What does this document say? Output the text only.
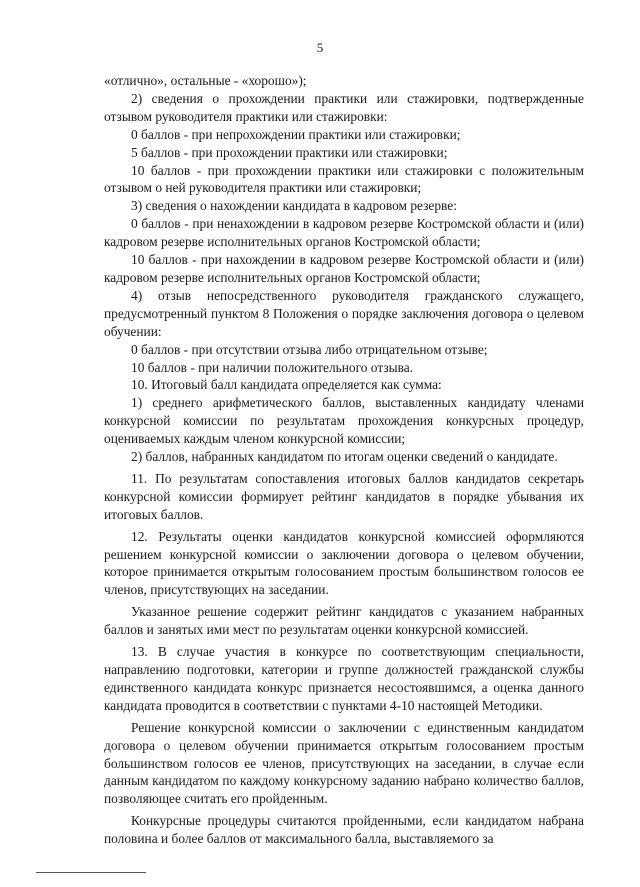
5

«отлично», остальные - «хорошо»);

2) сведения о прохождении практики или стажировки, подтвержденные отзывом руководителя практики или стажировки:

0 баллов - при непрохождении практики или стажировки;

5 баллов - при прохождении практики или стажировки;

10 баллов - при прохождении практики или стажировки с положительным отзывом о ней руководителя практики или стажировки;

3) сведения о нахождении кандидата в кадровом резерве:

0 баллов - при ненахождении в кадровом резерве Костромской области и (или) кадровом резерве исполнительных органов Костромской области;

10 баллов - при нахождении в кадровом резерве Костромской области и (или) кадровом резерве исполнительных органов Костромской области;

4) отзыв непосредственного руководителя гражданского служащего, предусмотренный пунктом 8 Положения о порядке заключения договора о целевом обучении:

0 баллов - при отсутствии отзыва либо отрицательном отзыве;

10 баллов - при наличии положительного отзыва.

10. Итоговый балл кандидата определяется как сумма:

1) среднего арифметического баллов, выставленных кандидату членами конкурсной комиссии по результатам прохождения конкурсных процедур, оцениваемых каждым членом конкурсной комиссии;

2) баллов, набранных кандидатом по итогам оценки сведений о кандидате.

11. По результатам сопоставления итоговых баллов кандидатов секретарь конкурсной комиссии формирует рейтинг кандидатов в порядке убывания их итоговых баллов.

12. Результаты оценки кандидатов конкурсной комиссией оформляются решением конкурсной комиссии о заключении договора о целевом обучении, которое принимается открытым голосованием простым большинством голосов ее членов, присутствующих на заседании.

Указанное решение содержит рейтинг кандидатов с указанием набранных баллов и занятых ими мест по результатам оценки конкурсной комиссией.

13. В случае участия в конкурсе по соответствующим специальности, направлению подготовки, категории и группе должностей гражданской службы единственного кандидата конкурс признается несостоявшимся, а оценка данного кандидата проводится в соответствии с пунктами 4-10 настоящей Методики.

Решение конкурсной комиссии о заключении с единственным кандидатом договора о целевом обучении принимается открытым голосованием простым большинством голосов ее членов, присутствующих на заседании, в случае если данным кандидатом по каждому конкурсному заданию набрано количество баллов, позволяющее считать его пройденным.

Конкурсные процедуры считаются пройденными, если кандидатом набрана половина и более баллов от максимального балла, выставляемого за
